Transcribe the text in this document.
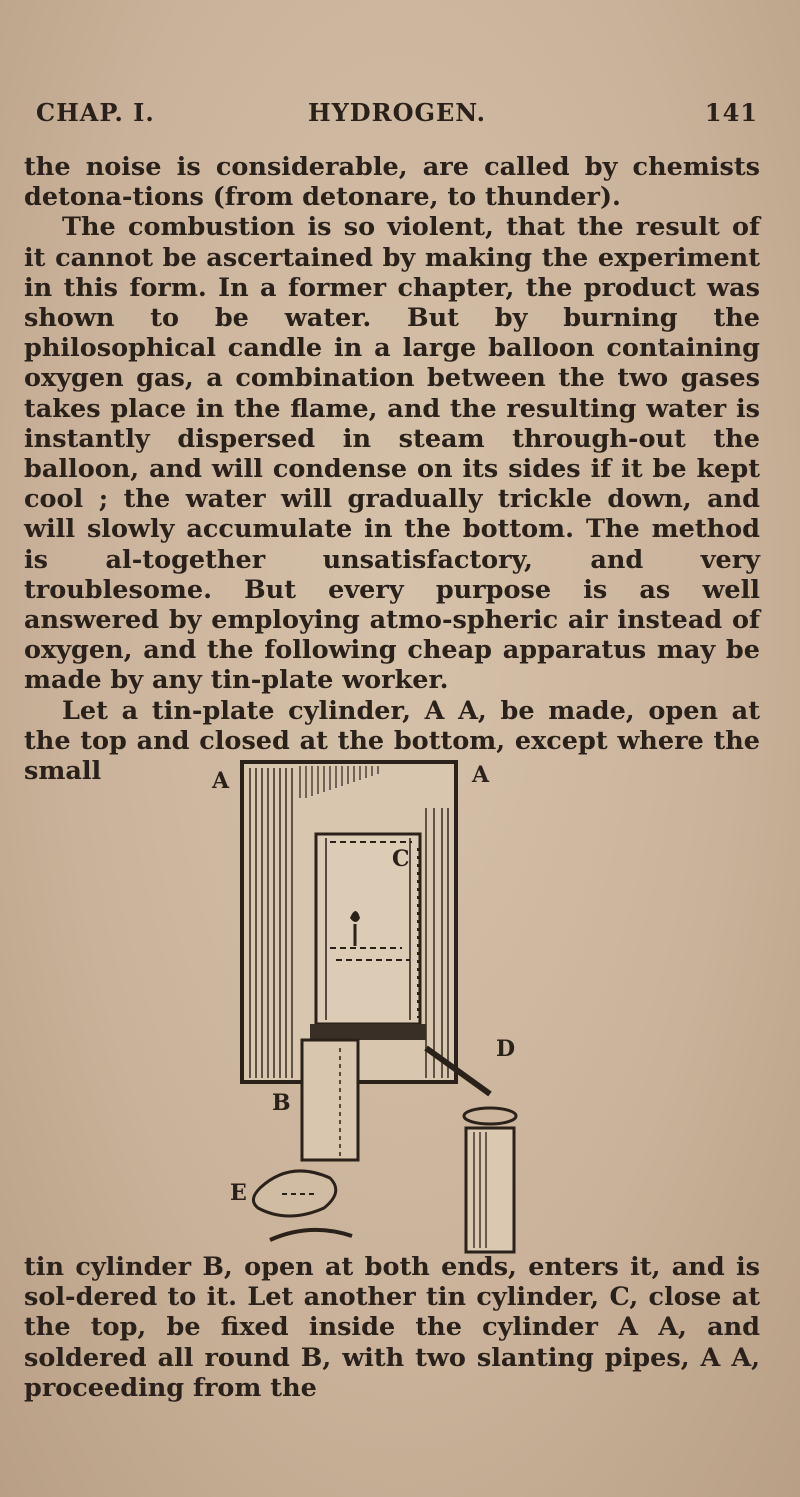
CHAP. I.	HYDROGEN.	141

the noise is considerable, are called by chemists detona-tions (from detonare, to thunder).

The combustion is so violent, that the result of it cannot be ascertained by making the experiment in this form. In a former chapter, the product was shown to be water. But by burning the philosophical candle in a large balloon containing oxygen gas, a combination between the two gases takes place in the flame, and the resulting water is instantly dispersed in steam through-out the balloon, and will condense on its sides if it be kept cool ; the water will gradually trickle down, and will slowly accumulate in the bottom. The method is al-together unsatisfactory, and very troublesome. But every purpose is as well answered by employing atmo-spheric air instead of oxygen, and the following cheap apparatus may be made by any tin-plate worker.

Let a tin-plate cylinder, A A, be made, open at the top and closed at the bottom, except where the small	A	A
C
D
B
E

tin cylinder B, open at both ends, enters it, and is sol-dered to it. Let another tin cylinder, C, close at the top, be fixed inside the cylinder A A, and soldered all round B, with two slanting pipes, A A, proceeding from the
